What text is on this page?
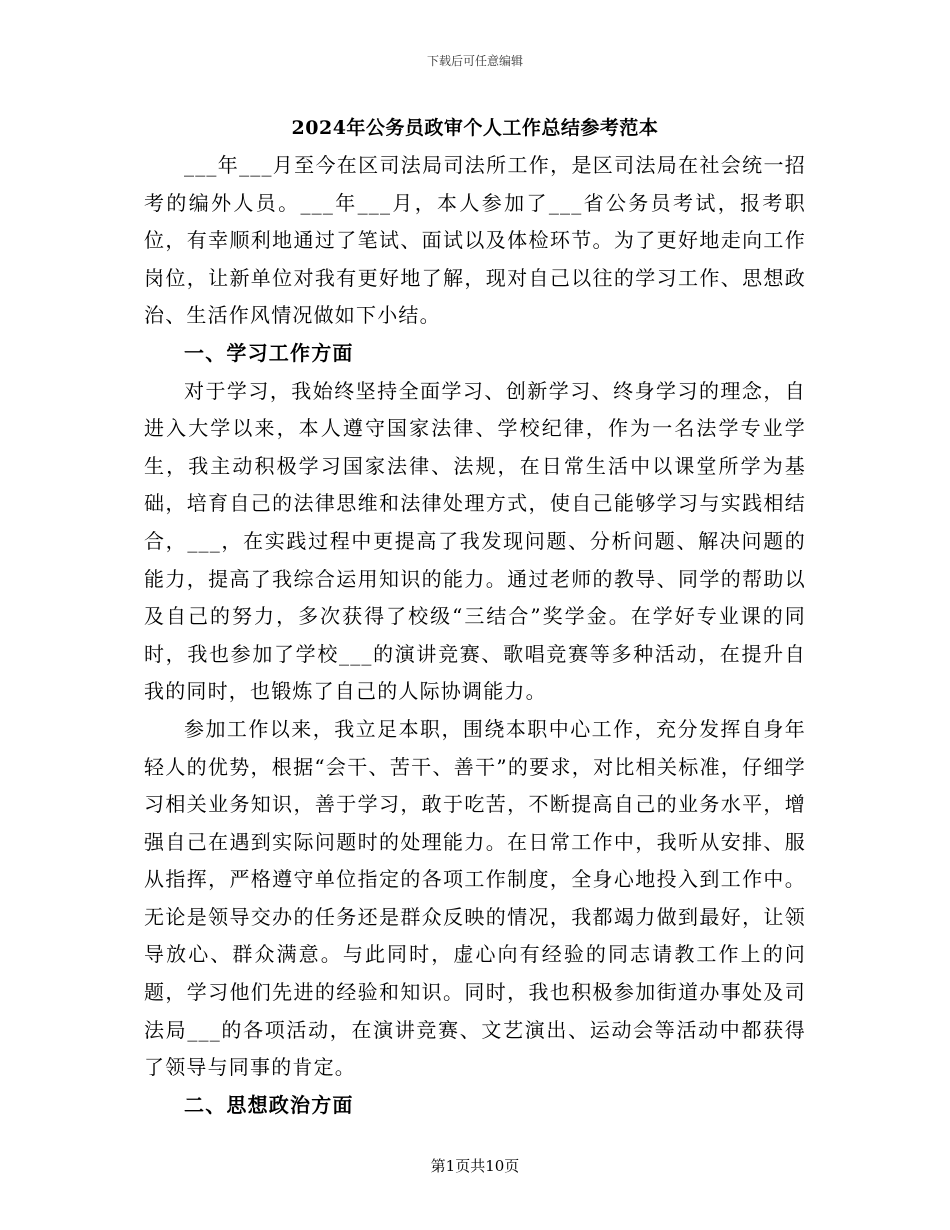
下载后可任意编辑
2024年公务员政审个人工作总结参考范本

___年___月至今在区司法局司法所工作，是区司法局在社会统一招考的编外人员。___年___月，本人参加了___省公务员考试，报考职位，有幸顺利地通过了笔试、面试以及体检环节。为了更好地走向工作岗位，让新单位对我有更好地了解，现对自己以往的学习工作、思想政治、生活作风情况做如下小结。

一、学习工作方面

对于学习，我始终坚持全面学习、创新学习、终身学习的理念，自进入大学以来，本人遵守国家法律、学校纪律，作为一名法学专业学生，我主动积极学习国家法律、法规，在日常生活中以课堂所学为基础，培育自己的法律思维和法律处理方式，使自己能够学习与实践相结合，___，在实践过程中更提高了我发现问题、分析问题、解决问题的能力，提高了我综合运用知识的能力。通过老师的教导、同学的帮助以及自己的努力，多次获得了校级“三结合”奖学金。在学好专业课的同时，我也参加了学校___的演讲竞赛、歌唱竞赛等多种活动，在提升自我的同时，也锻炼了自己的人际协调能力。

参加工作以来，我立足本职，围绕本职中心工作，充分发挥自身年轻人的优势，根据“会干、苦干、善干”的要求，对比相关标准，仔细学习相关业务知识，善于学习，敢于吃苦，不断提高自己的业务水平，增强自己在遇到实际问题时的处理能力。在日常工作中，我听从安排、服从指挥，严格遵守单位指定的各项工作制度，全身心地投入到工作中。无论是领导交办的任务还是群众反映的情况，我都竭力做到最好，让领导放心、群众满意。与此同时，虚心向有经验的同志请教工作上的问题，学习他们先进的经验和知识。同时，我也积极参加街道办事处及司法局___的各项活动，在演讲竞赛、文艺演出、运动会等活动中都获得了领导与同事的肯定。

二、思想政治方面

第1页共10页
